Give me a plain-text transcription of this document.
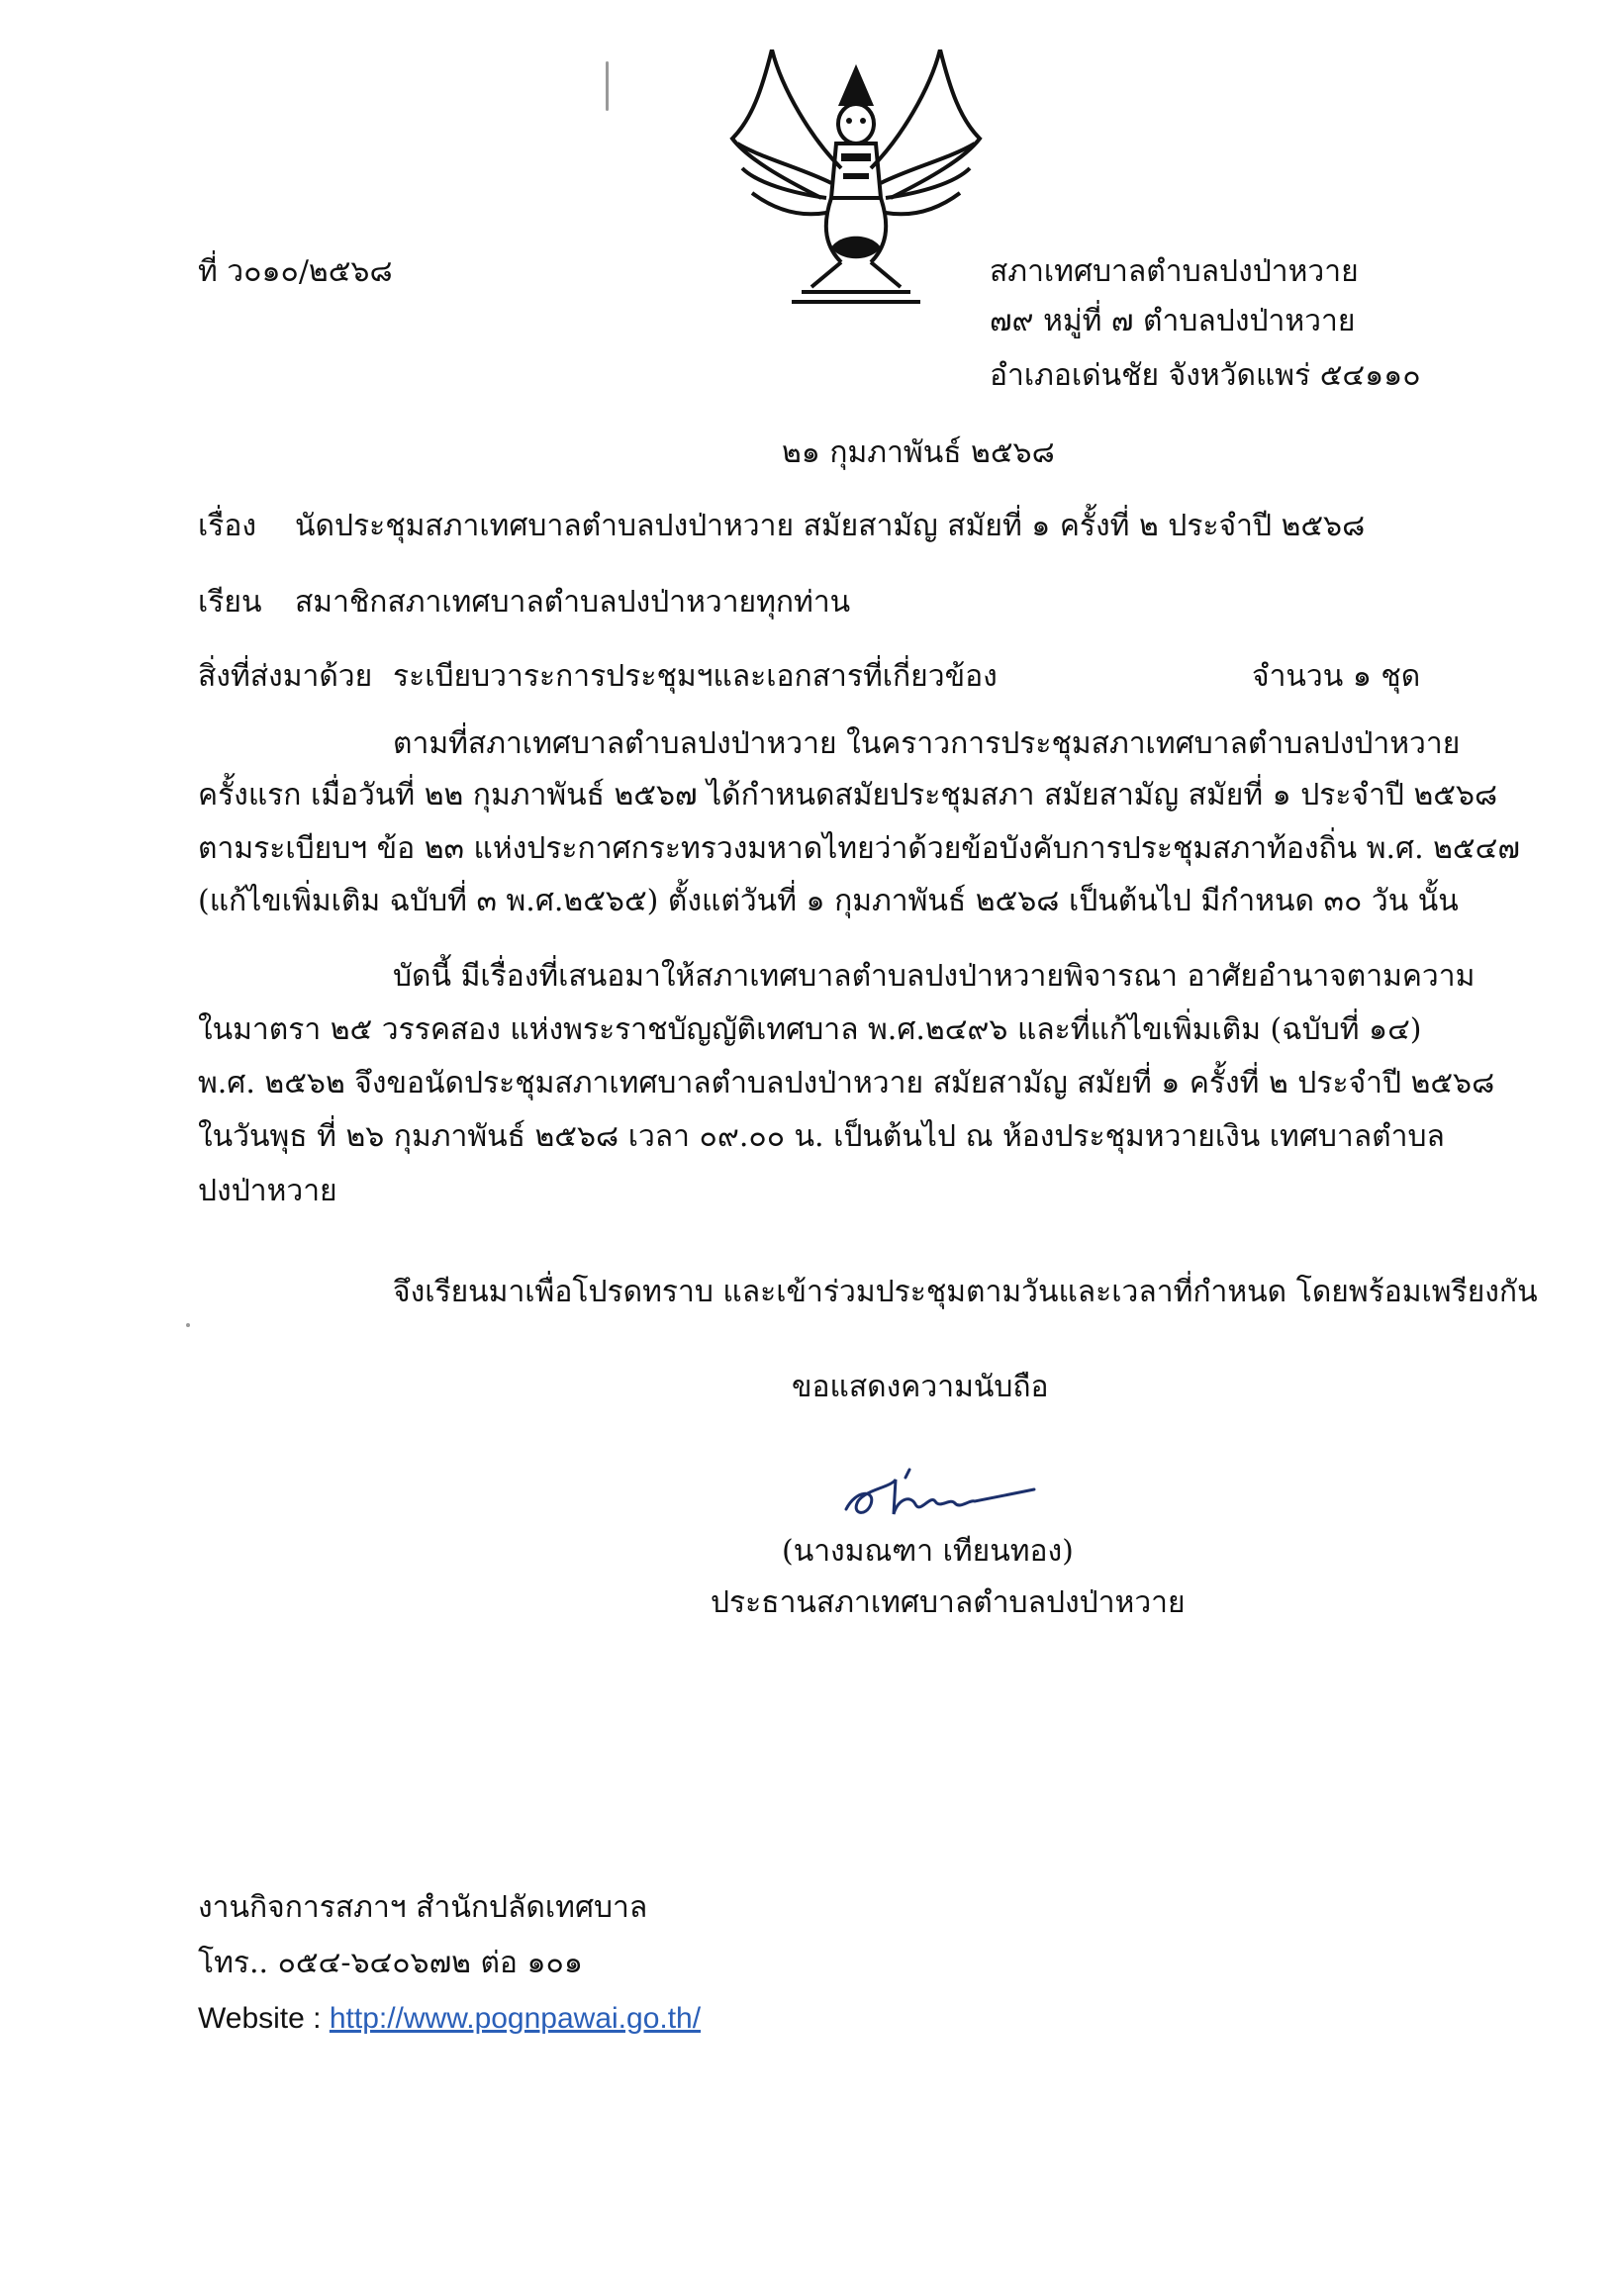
ที่ ว๐๑๐/๒๕๖๘	สภาเทศบาลตำบลปงป่าหวาย
๗๙ หมู่ที่ ๗ ตำบลปงป่าหวาย
อำเภอเด่นชัย จังหวัดแพร่ ๕๔๑๑๐
๒๑ กุมภาพันธ์ ๒๕๖๘
เรื่อง นัดประชุมสภาเทศบาลตำบลปงป่าหวาย สมัยสามัญ สมัยที่ ๑ ครั้งที่ ๒ ประจำปี ๒๕๖๘
เรียน สมาชิกสภาเทศบาลตำบลปงป่าหวายทุกท่าน
สิ่งที่ส่งมาด้วย ระเบียบวาระการประชุมฯและเอกสารที่เกี่ยวข้อง	จำนวน ๑ ชุด
ตามที่สภาเทศบาลตำบลปงป่าหวาย ในคราวการประชุมสภาเทศบาลตำบลปงป่าหวาย
ครั้งแรก เมื่อวันที่ ๒๒ กุมภาพันธ์ ๒๕๖๗ ได้กำหนดสมัยประชุมสภา สมัยสามัญ สมัยที่ ๑ ประจำปี ๒๕๖๘
ตามระเบียบฯ ข้อ ๒๓ แห่งประกาศกระทรวงมหาดไทยว่าด้วยข้อบังคับการประชุมสภาท้องถิ่น พ.ศ. ๒๕๔๗
(แก้ไขเพิ่มเติม ฉบับที่ ๓ พ.ศ.๒๕๖๕) ตั้งแต่วันที่ ๑ กุมภาพันธ์ ๒๕๖๘ เป็นต้นไป มีกำหนด ๓๐ วัน นั้น
บัดนี้ มีเรื่องที่เสนอมาให้สภาเทศบาลตำบลปงป่าหวายพิจารณา อาศัยอำนาจตามความ
ในมาตรา ๒๕ วรรคสอง แห่งพระราชบัญญัติเทศบาล พ.ศ.๒๔๙๖ และที่แก้ไขเพิ่มเติม (ฉบับที่ ๑๔)
พ.ศ. ๒๕๖๒ จึงขอนัดประชุมสภาเทศบาลตำบลปงป่าหวาย สมัยสามัญ สมัยที่ ๑ ครั้งที่ ๒ ประจำปี ๒๕๖๘
ในวันพุธ ที่ ๒๖ กุมภาพันธ์ ๒๕๖๘ เวลา ๐๙.๐๐ น. เป็นต้นไป ณ ห้องประชุมหวายเงิน เทศบาลตำบล
ปงป่าหวาย
จึงเรียนมาเพื่อโปรดทราบ และเข้าร่วมประชุมตามวันและเวลาที่กำหนด โดยพร้อมเพรียงกัน
ขอแสดงความนับถือ
(นางมณฑา เทียนทอง)
ประธานสภาเทศบาลตำบลปงป่าหวาย
งานกิจการสภาฯ สำนักปลัดเทศบาล
โทร.. ๐๕๔-๖๔๐๖๗๒ ต่อ ๑๐๑
Website : http://www.pognpawai.go.th/
